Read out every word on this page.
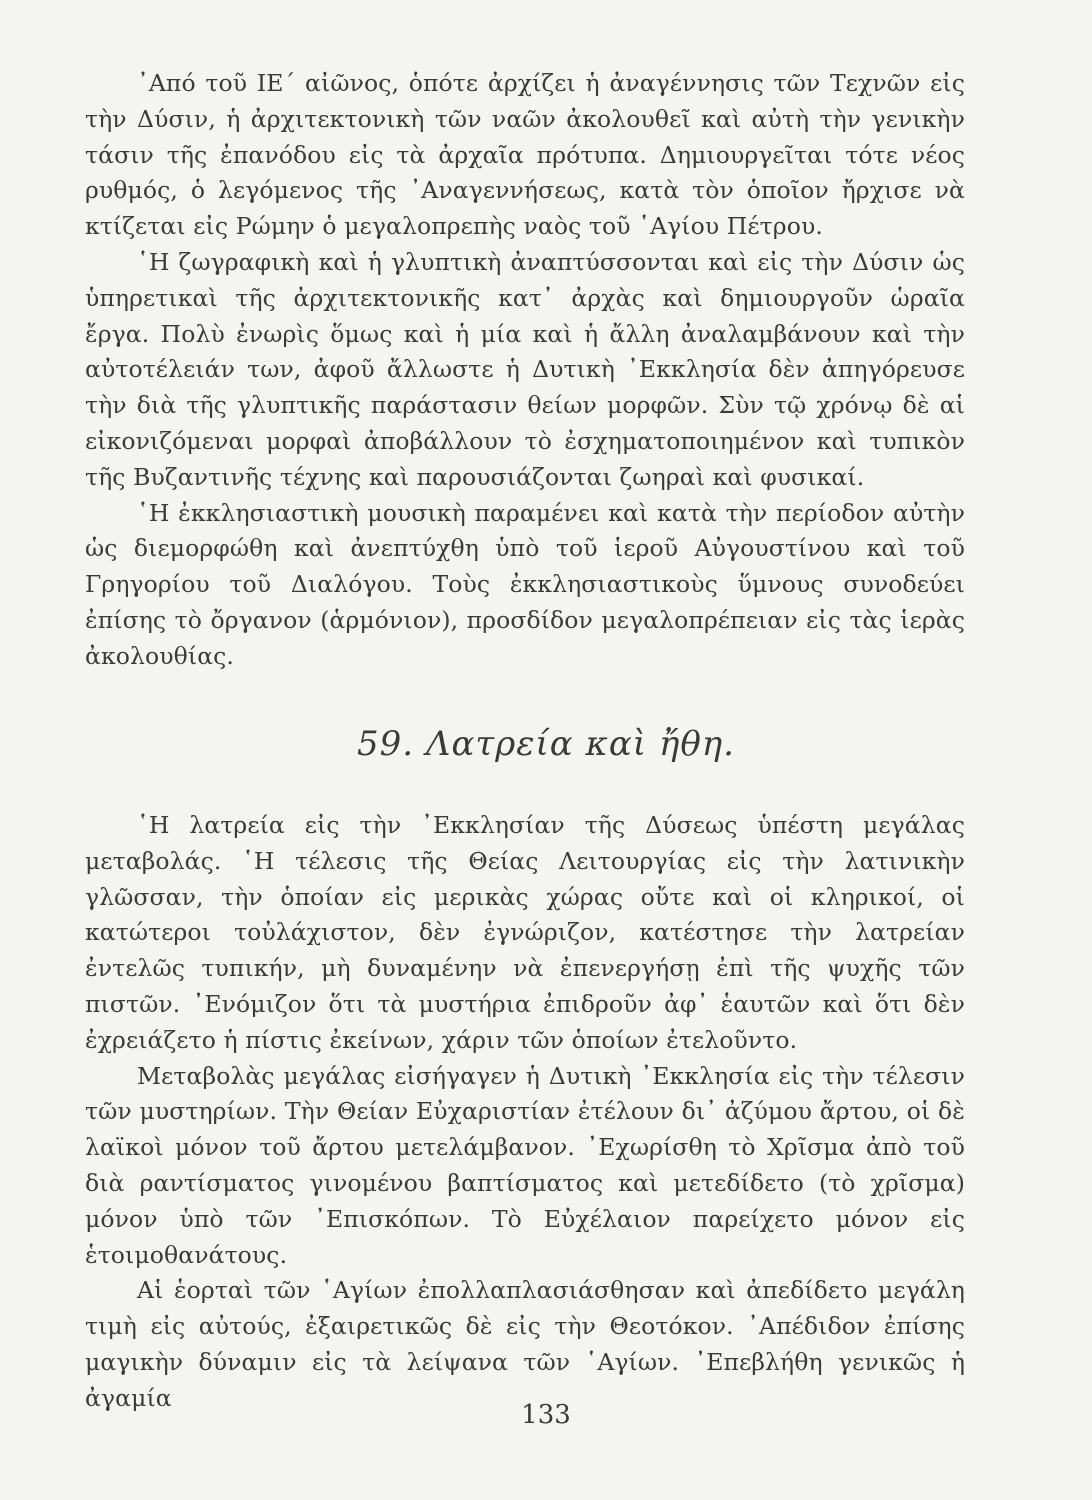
᾿Από τοῦ ΙΕ΄ αἰῶνος, ὁπότε ἀρχίζει ἡ ἀναγέννησις τῶν Τεχνῶν εἰς τὴν Δύσιν, ἡ ἀρχιτεκτονικὴ τῶν ναῶν ἀκολουθεῖ καὶ αὐτὴ τὴν γενικὴν τάσιν τῆς ἐπανόδου εἰς τὰ ἀρχαῖα πρότυπα. Δημιουργεῖται τότε νέος ρυθμός, ὁ λεγόμενος τῆς ᾿Αναγεννήσεως, κατὰ τὸν ὁποῖον ἤρχισε νὰ κτίζεται εἰς Ρώμην ὁ μεγαλοπρεπὴς ναὸς τοῦ ῾Αγίου Πέτρου.

῾Η ζωγραφικὴ καὶ ἡ γλυπτικὴ ἀναπτύσσονται καὶ εἰς τὴν Δύσιν ὡς ὑπηρετικαὶ τῆς ἀρχιτεκτονικῆς κατ᾿ ἀρχὰς καὶ δημιουργοῦν ὡραῖα ἔργα. Πολὺ ἐνωρὶς ὅμως καὶ ἡ μία καὶ ἡ ἄλλη ἀναλαμβάνουν καὶ τὴν αὐτοτέλειάν των, ἀφοῦ ἄλλωστε ἡ Δυτικὴ ᾿Εκκλησία δὲν ἀπηγόρευσε τὴν διὰ τῆς γλυπτικῆς παράστασιν θείων μορφῶν. Σὺν τῷ χρόνῳ δὲ αἱ εἰκονιζόμεναι μορφαὶ ἀποβάλλουν τὸ ἐσχηματοποιημένον καὶ τυπικὸν τῆς Βυζαντινῆς τέχνης καὶ παρουσιάζονται ζωηραὶ καὶ φυσικαί.

῾Η ἐκκλησιαστικὴ μουσικὴ παραμένει καὶ κατὰ τὴν περίοδον αὐτὴν ὡς διεμορφώθη καὶ ἀνεπτύχθη ὑπὸ τοῦ ἱεροῦ Αὐγουστίνου καὶ τοῦ Γρηγορίου τοῦ Διαλόγου. Τοὺς ἐκκλησιαστικοὺς ὕμνους συνοδεύει ἐπίσης τὸ ὄργανον (ἁρμόνιον), προσδίδον μεγαλοπρέπειαν εἰς τὰς ἱερὰς ἀκολουθίας.

59. Λατρεία καὶ ἤθη.

῾Η λατρεία εἰς τὴν ᾿Εκκλησίαν τῆς Δύσεως ὑπέστη μεγάλας μεταβολάς. ῾Η τέλεσις τῆς Θείας Λειτουργίας εἰς τὴν λατινικὴν γλῶσσαν, τὴν ὁποίαν εἰς μερικὰς χώρας οὔτε καὶ οἱ κληρικοί, οἱ κατώτεροι τοὐλάχιστον, δὲν ἐγνώριζον, κατέστησε τὴν λατρείαν ἐντελῶς τυπικήν, μὴ δυναμένην νὰ ἐπενεργήσῃ ἐπὶ τῆς ψυχῆς τῶν πιστῶν. ᾿Ενόμιζον ὅτι τὰ μυστήρια ἐπιδροῦν ἀφ᾿ ἑαυτῶν καὶ ὅτι δὲν ἐχρειάζετο ἡ πίστις ἐκείνων, χάριν τῶν ὁποίων ἐτελοῦντο.

Μεταβολὰς μεγάλας εἰσήγαγεν ἡ Δυτικὴ ᾿Εκκλησία εἰς τὴν τέλεσιν τῶν μυστηρίων. Τὴν Θείαν Εὐχαριστίαν ἐτέλουν δι᾿ ἀζύμου ἄρτου, οἱ δὲ λαϊκοὶ μόνον τοῦ ἄρτου μετελάμβανον. ᾿Εχωρίσθη τὸ Χρῖσμα ἀπὸ τοῦ διὰ ραντίσματος γινομένου βαπτίσματος καὶ μετεδίδετο (τὸ χρῖσμα) μόνον ὑπὸ τῶν ᾿Επισκόπων. Τὸ Εὐχέλαιον παρείχετο μόνον εἰς ἑτοιμοθανάτους.

Αἱ ἑορταὶ τῶν ῾Αγίων ἐπολλαπλασιάσθησαν καὶ ἀπεδίδετο μεγάλη τιμὴ εἰς αὐτούς, ἐξαιρετικῶς δὲ εἰς τὴν Θεοτόκον. ᾿Απέδιδον ἐπίσης μαγικὴν δύναμιν εἰς τὰ λείψανα τῶν ῾Αγίων. ᾿Επεβλήθη γενικῶς ἡ ἀγαμία

133
